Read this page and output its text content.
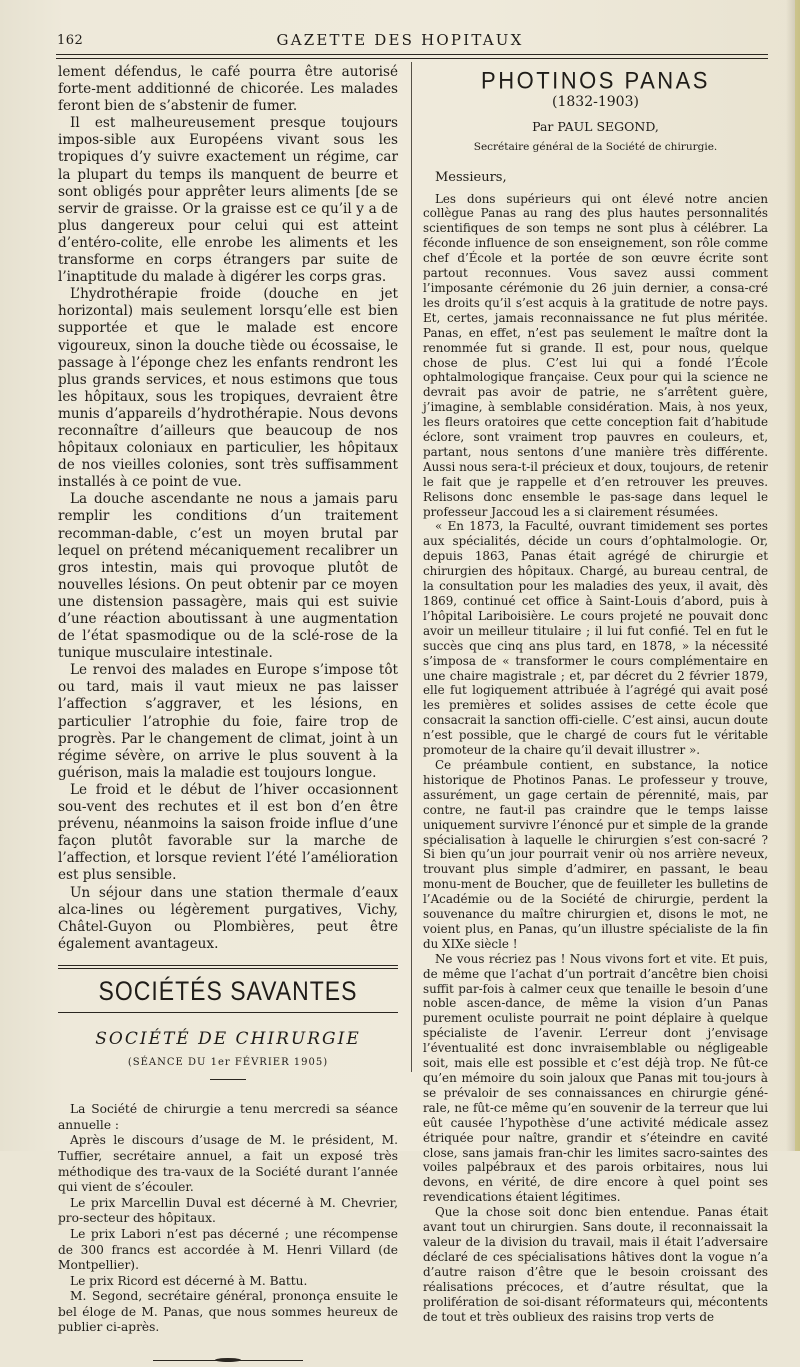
162	GAZETTE DES HOPITAUX

lement défendus, le café pourra être autorisé forte-ment additionné de chicorée. Les malades feront bien de s’abstenir de fumer.

Il est malheureusement presque toujours impos-sible aux Européens vivant sous les tropiques d’y suivre exactement un régime, car la plupart du temps ils manquent de beurre et sont obligés pour apprêter leurs aliments [de se servir de graisse. Or la graisse est ce qu’il y a de plus dangereux pour celui qui est atteint d’entéro-colite, elle enrobe les aliments et les transforme en corps étrangers par suite de l’inaptitude du malade à digérer les corps gras.

L’hydrothérapie froide (douche en jet horizontal) mais seulement lorsqu’elle est bien supportée et que le malade est encore vigoureux, sinon la douche tiède ou écossaise, le passage à l’éponge chez les enfants rendront les plus grands services, et nous estimons que tous les hôpitaux, sous les tropiques, devraient être munis d’appareils d’hydrothérapie. Nous devons reconnaître d’ailleurs que beaucoup de nos hôpitaux coloniaux en particulier, les hôpitaux de nos vieilles colonies, sont très suffisamment installés à ce point de vue.

La douche ascendante ne nous a jamais paru remplir les conditions d’un traitement recomman-dable, c’est un moyen brutal par lequel on prétend mécaniquement recalibrer un gros intestin, mais qui provoque plutôt de nouvelles lésions. On peut obtenir par ce moyen une distension passagère, mais qui est suivie d’une réaction aboutissant à une augmentation de l’état spasmodique ou de la sclé-rose de la tunique musculaire intestinale.

Le renvoi des malades en Europe s’impose tôt ou tard, mais il vaut mieux ne pas laisser l’affection s’aggraver, et les lésions, en particulier l’atrophie du foie, faire trop de progrès. Par le changement de climat, joint à un régime sévère, on arrive le plus souvent à la guérison, mais la maladie est toujours longue.

Le froid et le début de l’hiver occasionnent sou-vent des rechutes et il est bon d’en être prévenu, néanmoins la saison froide influe d’une façon plutôt favorable sur la marche de l’affection, et lorsque revient l’été l’amélioration est plus sensible.

Un séjour dans une station thermale d’eaux alca-lines ou légèrement purgatives, Vichy, Châtel-Guyon ou Plombières, peut être également avantageux.

SOCIÉTÉS SAVANTES
SOCIÉTÉ DE CHIRURGIE
(SÉANCE DU 1er FÉVRIER 1905)

La Société de chirurgie a tenu mercredi sa séance annuelle :

Après le discours d’usage de M. le président, M. Tuffier, secrétaire annuel, a fait un exposé très méthodique des tra-vaux de la Société durant l’année qui vient de s’écouler.

Le prix Marcellin Duval est décerné à M. Chevrier, pro-secteur des hôpitaux.

Le prix Labori n’est pas décerné ; une récompense de 300 francs est accordée à M. Henri Villard (de Montpellier).

Le prix Ricord est décerné à M. Battu.

M. Segond, secrétaire général, prononça ensuite le bel éloge de M. Panas, que nous sommes heureux de publier ci-après.

PHOTINOS PANAS
(1832-1903)
Par PAUL SEGOND,
Secrétaire général de la Société de chirurgie.

Messieurs,

Les dons supérieurs qui ont élevé notre ancien collègue Panas au rang des plus hautes personnalités scientifiques de son temps ne sont plus à célébrer. La féconde influence de son enseignement, son rôle comme chef d’École et la portée de son œuvre écrite sont partout reconnues. Vous savez aussi comment l’imposante cérémonie du 26 juin dernier, a consa-cré les droits qu’il s’est acquis à la gratitude de notre pays. Et, certes, jamais reconnaissance ne fut plus méritée. Panas, en effet, n’est pas seulement le maître dont la renommée fut si grande. Il est, pour nous, quelque chose de plus. C’est lui qui a fondé l’École ophtalmologique française. Ceux pour qui la science ne devrait pas avoir de patrie, ne s’arrêtent guère, j’imagine, à semblable considération. Mais, à nos yeux, les fleurs oratoires que cette conception fait d’habitude éclore, sont vraiment trop pauvres en couleurs, et, partant, nous sentons d’une manière très différente. Aussi nous sera-t-il précieux et doux, toujours, de retenir le fait que je rappelle et d’en retrouver les preuves. Relisons donc ensemble le pas-sage dans lequel le professeur Jaccoud les a si clairement résumées.

« En 1873, la Faculté, ouvrant timidement ses portes aux spécialités, décide un cours d’ophtalmologie. Or, depuis 1863, Panas était agrégé de chirurgie et chirurgien des hôpitaux. Chargé, au bureau central, de la consultation pour les maladies des yeux, il avait, dès 1869, continué cet office à Saint-Louis d’abord, puis à l’hôpital Lariboisière. Le cours projeté ne pouvait donc avoir un meilleur titulaire ; il lui fut confié. Tel en fut le succès que cinq ans plus tard, en 1878, » la nécessité s’imposa de « transformer le cours complémentaire en une chaire magistrale ; et, par décret du 2 février 1879, elle fut logiquement attribuée à l’agrégé qui avait posé les premières et solides assises de cette école que consacrait la sanction offi-cielle. C’est ainsi, aucun doute n’est possible, que le chargé de cours fut le véritable promoteur de la chaire qu’il devait illustrer ».

Ce préambule contient, en substance, la notice historique de Photinos Panas. Le professeur y trouve, assurément, un gage certain de pérennité, mais, par contre, ne faut-il pas craindre que le temps laisse uniquement survivre l’énoncé pur et simple de la grande spécialisation à laquelle le chirurgien s’est con-sacré ? Si bien qu’un jour pourrait venir où nos arrière neveux, trouvant plus simple d’admirer, en passant, le beau monu-ment de Boucher, que de feuilleter les bulletins de l’Académie ou de la Société de chirurgie, perdent la souvenance du maître chirurgien et, disons le mot, ne voient plus, en Panas, qu’un illustre spécialiste de la fin du XIXe siècle !

Ne vous récriez pas ! Nous vivons fort et vite. Et puis, de même que l’achat d’un portrait d’ancêtre bien choisi suffit par-fois à calmer ceux que tenaille le besoin d’une noble ascen-dance, de même la vision d’un Panas purement oculiste pourrait ne point déplaire à quelque spécialiste de l’avenir. L’erreur dont j’envisage l’éventualité est donc invraisemblable ou négligeable soit, mais elle est possible et c’est déjà trop. Ne fût-ce qu’en mémoire du soin jaloux que Panas mit tou-jours à se prévaloir de ses connaissances en chirurgie géné-rale, ne fût-ce même qu’en souvenir de la terreur que lui eût causée l’hypothèse d’une activité médicale assez étriquée pour naître, grandir et s’éteindre en cavité close, sans jamais fran-chir les limites sacro-saintes des voiles palpébraux et des parois orbitaires, nous lui devons, en vérité, de dire encore à quel point ses revendications étaient légitimes.

Que la chose soit donc bien entendue. Panas était avant tout un chirurgien. Sans doute, il reconnaissait la valeur de la division du travail, mais il était l’adversaire déclaré de ces spécialisations hâtives dont la vogue n’a d’autre raison d’être que le besoin croissant des réalisations précoces, et d’autre résultat, que la prolifération de soi-disant réformateurs qui, mécontents de tout et très oublieux des raisins trop verts de
